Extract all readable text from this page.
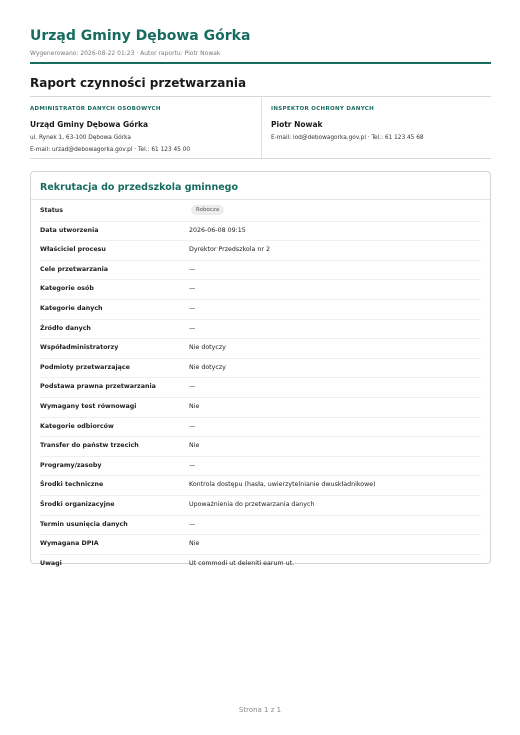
Urząd Gminy Dębowa Górka
Wygenerowano: 2026-08-22 01:23 · Autor raportu: Piotr Nowak
Raport czynności przetwarzania
ADMINISTRATOR DANYCH OSOBOWYCH
Urząd Gminy Dębowa Górka
ul. Rynek 1, 63-100 Dębowa Górka
E-mail: urzad@debowagorka.gov.pl · Tel.: 61 123 45 00
INSPEKTOR OCHRONY DANYCH
Piotr Nowak
E-mail: iod@debowagorka.gov.pl · Tel.: 61 123 45 68
Rekrutacja do przedszkola gminnego
Status	Robocza
Data utworzenia	2026-06-08 09:15
Właściciel procesu	Dyrektor Przedszkola nr 2
Cele przetwarzania	—
Kategorie osób	—
Kategorie danych	—
Źródło danych	—
Współadministratorzy	Nie dotyczy
Podmioty przetwarzające	Nie dotyczy
Podstawa prawna przetwarzania	—
Wymagany test równowagi	Nie
Kategorie odbiorców	—
Transfer do państw trzecich	Nie
Programy/zasoby	—
Środki techniczne	Kontrola dostępu (hasła, uwierzytelnianie dwuskładnikowe)
Środki organizacyjne	Upoważnienia do przetwarzania danych
Termin usunięcia danych	—
Wymagana DPIA	Nie
Uwagi	Ut commodi ut deleniti earum ut.
Strona 1 z 1
